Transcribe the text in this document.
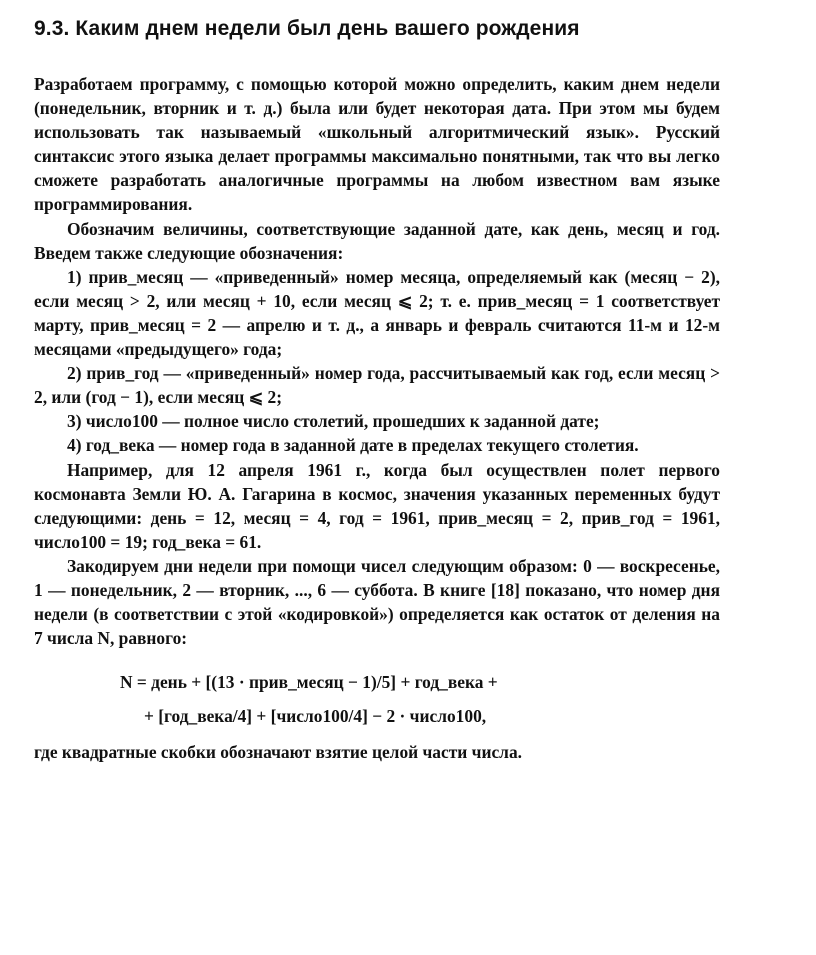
9.3. Каким днем недели был день вашего рождения

Разработаем программу, с помощью которой можно определить, каким днем недели (понедельник, вторник и т. д.) была или будет некоторая дата. При этом мы будем использовать так называемый «школьный алгоритмический язык». Русский синтаксис этого языка делает программы максимально понятными, так что вы легко сможете разработать аналогичные программы на любом известном вам языке программирования.

Обозначим величины, соответствующие заданной дате, как день, месяц и год. Введем также следующие обозначения:

1) прив_месяц — «приведенный» номер месяца, определяемый как (месяц − 2), если месяц > 2, или месяц + 10, если месяц ⩽ 2; т. е. прив_месяц = 1 соответствует марту, прив_месяц = 2 — апрелю и т. д., а январь и февраль считаются 11-м и 12-м месяцами «предыдущего» года;

2) прив_год — «приведенный» номер года, рассчитываемый как год, если месяц > 2, или (год − 1), если месяц ⩽ 2;

3) число100 — полное число столетий, прошедших к заданной дате;

4) год_века — номер года в заданной дате в пределах текущего столетия.

Например, для 12 апреля 1961 г., когда был осуществлен полет первого космонавта Земли Ю. А. Гагарина в космос, значения указанных переменных будут следующими: день = 12, месяц = 4, год = 1961, прив_месяц = 2, прив_год = 1961, число100 = 19; год_века = 61.

Закодируем дни недели при помощи чисел следующим образом: 0 — воскресенье, 1 — понедельник, 2 — вторник, ..., 6 — суббота. В книге [18] показано, что номер дня недели (в соответствии с этой «кодировкой») определяется как остаток от деления на 7 числа N, равного:

N = день + [(13 · прив_месяц − 1)/5] + год_века +
+ [год_века/4] + [число100/4] − 2 · число100,

где квадратные скобки обозначают взятие целой части числа.
